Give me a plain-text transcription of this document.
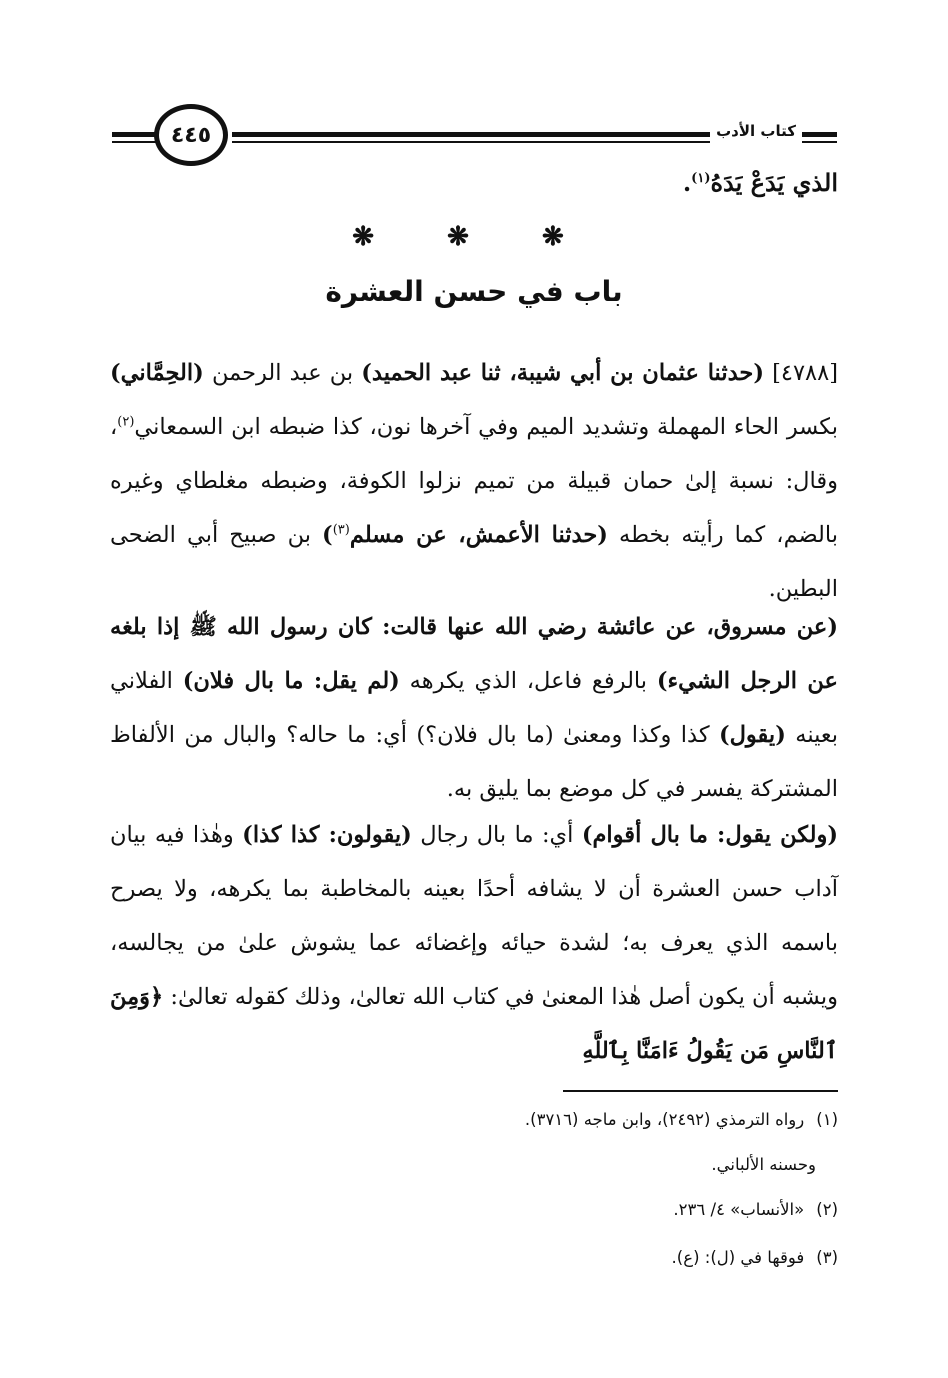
٤٤٥	كتاب الأدب
الذي يَدَعْ يَدَهُ$^{(١)}$.
❋ ❋ ❋
باب في حسن العشرة
[٤٧٨٨] (حدثنا عثمان بن أبي شيبة، ثنا عبد الحميد) بن عبد الرحمن (الحِمَّاني) بكسر الحاء المهملة وتشديد الميم وفي آخرها نون، كذا ضبطه ابن السمعاني$^{(٢)}$، وقال: نسبة إلىٰ حمان قبيلة من تميم نزلوا الكوفة، وضبطه مغلطاي وغيره بالضم، كما رأيته بخطه (حدثنا الأعمش، عن مسلم$^{(٣)}$) بن صبيح أبي الضحى البطين.
(عن مسروق، عن عائشة رضي الله عنها قالت: كان رسول الله ﷺ إذا بلغه عن الرجل الشيء) بالرفع فاعل، الذي يكرهه (لم يقل: ما بال فلان) الفلاني بعينه (يقول) كذا وكذا ومعنىٰ (ما بال فلان؟) أي: ما حاله؟ والبال من الألفاظ المشتركة يفسر في كل موضع بما يليق به.
(ولكن يقول: ما بال أقوام) أي: ما بال رجال (يقولون: كذا كذا) وهٰذا فيه بيان آداب حسن العشرة أن لا يشافه أحدًا بعينه بالمخاطبة بما يكرهه، ولا يصرح باسمه الذي يعرف به؛ لشدة حيائه وإغضائه عما يشوش علىٰ من يجالسه، ويشبه أن يكون أصل هٰذا المعنىٰ في كتاب الله تعالىٰ، وذلك كقوله تعالىٰ: ﴿وَمِنَ ٱلنَّاسِ مَن يَقُولُ ءَامَنَّا بِٱللَّهِ
(١)رواه الترمذي (٢٤٩٢)، وابن ماجه (٣٧١٦).
وحسنه الألباني.
(٢)«الأنساب» ٤/ ٢٣٦.
(٣)فوقها في (ل): (ع).
